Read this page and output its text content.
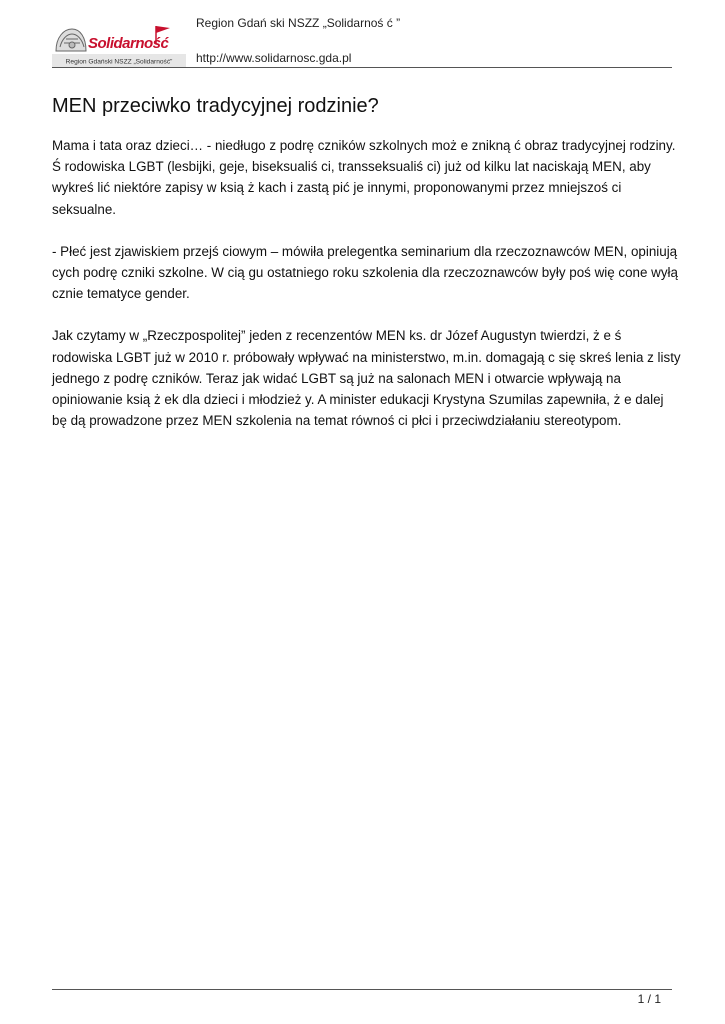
Solidarność
Region Gdański NSZZ „Solidarność”
Region Gdań ski NSZZ „Solidarnoś ć ”
http://www.solidarnosc.gda.pl
MEN przeciwko tradycyjnej rodzinie?

Mama i tata oraz dzieci… - niedługo z podrę czników szkolnych moż e znikną ć obraz tradycyjnej rodziny. Ś rodowiska LGBT (lesbijki, geje, biseksualiś ci, transseksualiś ci) już od kilku lat naciskają MEN, aby wykreś lić niektóre zapisy w ksią ż kach i zastą pić je innymi, proponowanymi przez mniejszoś ci seksualne.

- Płeć jest zjawiskiem przejś ciowym – mówiła prelegentka seminarium dla rzeczoznawców MEN, opiniują cych podrę czniki szkolne. W cią gu ostatniego roku szkolenia dla rzeczoznawców były poś wię cone wyłą cznie tematyce gender.

Jak czytamy w „Rzeczpospolitej” jeden z recenzentów MEN ks. dr Józef Augustyn twierdzi, ż e ś rodowiska LGBT już w 2010 r. próbowały wpływać na ministerstwo, m.in. domagają c się skreś lenia z listy jednego z podrę czników. Teraz jak widać LGBT są już na salonach MEN i otwarcie wpływają na opiniowanie ksią ż ek dla dzieci i młodzież y. A minister edukacji Krystyna Szumilas zapewniła, ż e dalej bę dą prowadzone przez MEN szkolenia na temat równoś ci płci i przeciwdziałaniu stereotypom.

1 / 1
